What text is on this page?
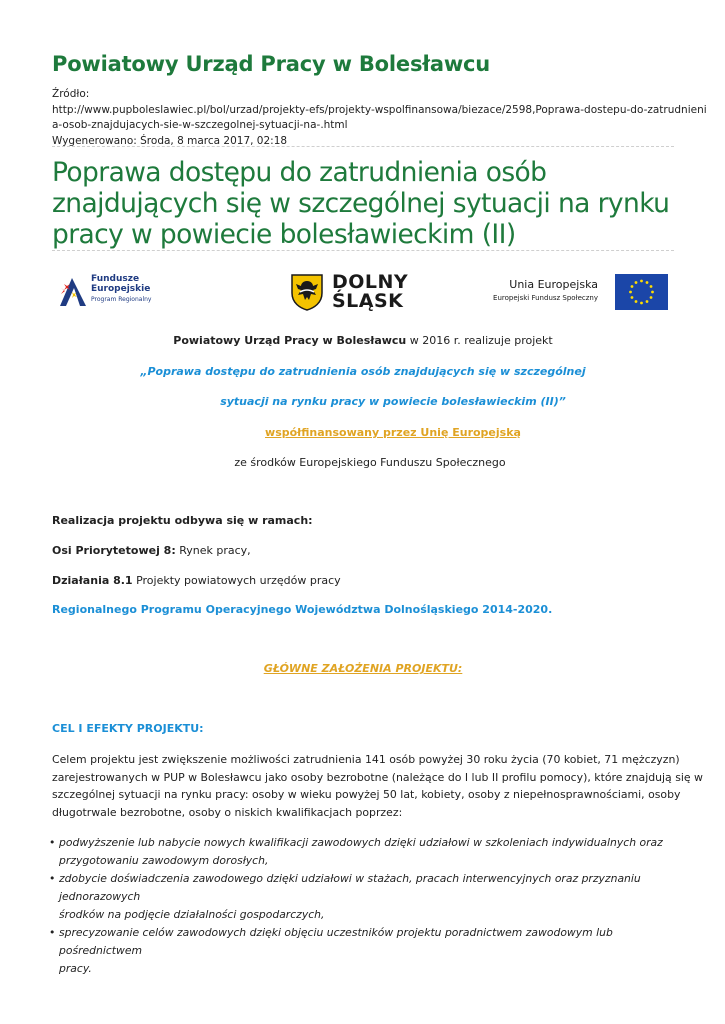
Powiatowy Urząd Pracy w Bolesławcu
Źródło:
http://www.pupboleslawiec.pl/bol/urzad/projekty-efs/projekty-wspolfinansowa/biezace/2598,Poprawa-dostepu-do-zatrudnieni
a-osob-znajdujacych-sie-w-szczegolnej-sytuacji-na-.html
Wygenerowano: Środa, 8 marca 2017, 02:18
Poprawa dostępu do zatrudnienia osób
znajdujących się w szczególnej sytuacji na rynku
pracy w powiecie bolesławieckim (II)
Fundusze
Europejskie
Program Regionalny
DOLNY
ŚLĄSK
Unia Europejska
Europejski Fundusz Społeczny
Powiatowy Urząd Pracy w Bolesławcu w 2016 r. realizuje projekt
„Poprawa dostępu do zatrudnienia osób znajdujących się w szczególnej
sytuacji na rynku pracy w powiecie bolesławieckim (II)”
współfinansowany przez Unię Europejską
ze środków Europejskiego Funduszu Społecznego
Realizacja projektu odbywa się w ramach:
Osi Priorytetowej 8: Rynek pracy,
Działania 8.1 Projekty powiatowych urzędów pracy
Regionalnego Programu Operacyjnego Województwa Dolnośląskiego 2014-2020.
GŁÓWNE ZAŁOŻENIA PROJEKTU:
CEL I EFEKTY PROJEKTU:
Celem projektu jest zwiększenie możliwości zatrudnienia 141 osób powyżej 30 roku życia (70 kobiet, 71 mężczyzn)
zarejestrowanych w PUP w Bolesławcu jako osoby bezrobotne (należące do I lub II profilu pomocy), które znajdują się w
szczególnej sytuacji na rynku pracy: osoby w wieku powyżej 50 lat, kobiety, osoby z niepełnosprawnościami, osoby
długotrwale bezrobotne, osoby o niskich kwalifikacjach poprzez:
• podwyższenie lub nabycie nowych kwalifikacji zawodowych dzięki udziałowi w szkoleniach indywidualnych oraz
przygotowaniu zawodowym dorosłych,
• zdobycie doświadczenia zawodowego dzięki udziałowi w stażach, pracach interwencyjnych oraz przyznaniu jednorazowych
środków na podjęcie działalności gospodarczych,
• sprecyzowanie celów zawodowych dzięki objęciu uczestników projektu poradnictwem zawodowym lub pośrednictwem
pracy.
